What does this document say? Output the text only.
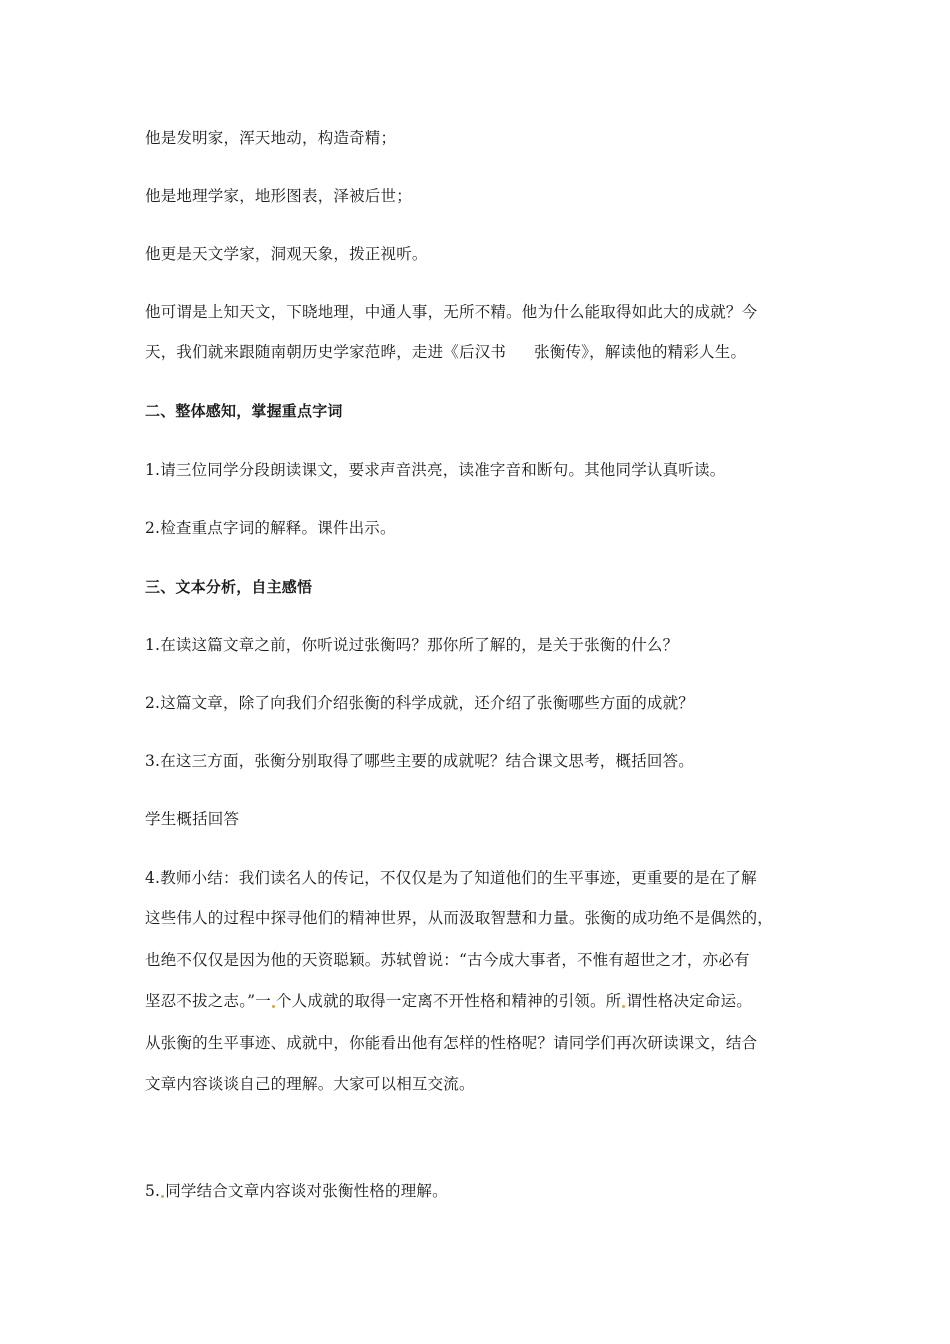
他是发明家，浑天地动，构造奇精；
他是地理学家，地形图表，泽被后世；
他更是天文学家，洞观天象，拨正视听。
他可谓是上知天文，下晓地理，中通人事，无所不精。他为什么能取得如此大的成就？今
天，我们就来跟随南朝历史学家范晔，走进《后汉书 张衡传》，解读他的精彩人生。
二、整体感知，掌握重点字词
1.请三位同学分段朗读课文，要求声音洪亮，读准字音和断句。其他同学认真听读。
2.检查重点字词的解释。课件出示。
三、文本分析，自主感悟
1.在读这篇文章之前，你听说过张衡吗？那你所了解的，是关于张衡的什么？
2.这篇文章，除了向我们介绍张衡的科学成就，还介绍了张衡哪些方面的成就？
3.在这三方面，张衡分别取得了哪些主要的成就呢？结合课文思考，概括回答。
学生概括回答
4.教师小结：我们读名人的传记，不仅仅是为了知道他们的生平事迹，更重要的是在了解
这些伟人的过程中探寻他们的精神世界，从而汲取智慧和力量。张衡的成功绝不是偶然的，
也绝不仅仅是因为他的天资聪颖。苏轼曾说：“古今成大事者，不惟有超世之才，亦必有
坚忍不拔之志。”一 个人成就的取得一定离不开性格和精神的引领。所 谓性格决定命运。
从张衡的生平事迹、成就中，你能看出他有怎样的性格呢？请同学们再次研读课文，结合
文章内容谈谈自己的理解。大家可以相互交流。
5. 同学结合文章内容谈对张衡性格的理解。
